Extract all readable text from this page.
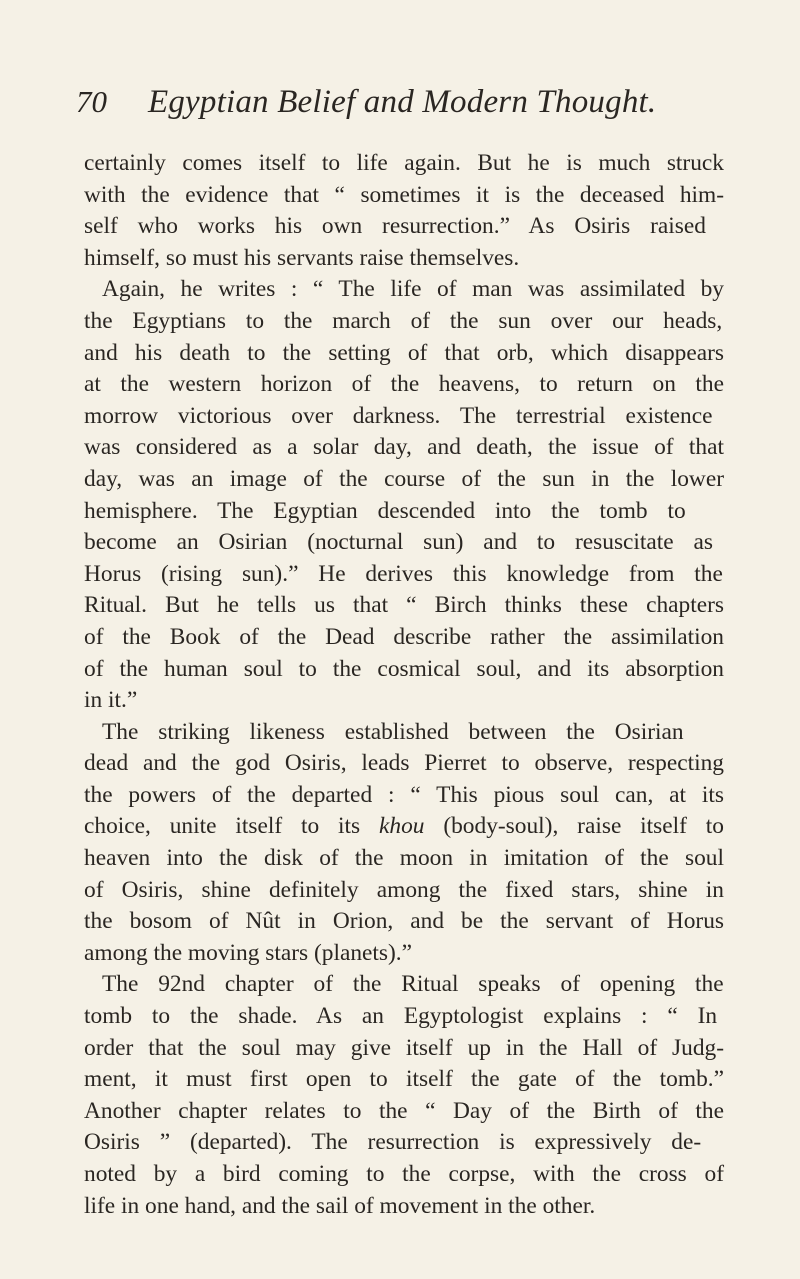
70 Egyptian Belief and Modern Thought.
certainly comes itself to life again. But he is much struck
with the evidence that “ sometimes it is the deceased him-
self who works his own resurrection.” As Osiris raised
himself, so must his servants raise themselves.
Again, he writes : “ The life of man was assimilated by
the Egyptians to the march of the sun over our heads,
and his death to the setting of that orb, which disappears
at the western horizon of the heavens, to return on the
morrow victorious over darkness. The terrestrial existence
was considered as a solar day, and death, the issue of that
day, was an image of the course of the sun in the lower
hemisphere. The Egyptian descended into the tomb to
become an Osirian (nocturnal sun) and to resuscitate as
Horus (rising sun).” He derives this knowledge from the
Ritual. But he tells us that “ Birch thinks these chapters
of the Book of the Dead describe rather the assimilation
of the human soul to the cosmical soul, and its absorption
in it.”
The striking likeness established between the Osirian
dead and the god Osiris, leads Pierret to observe, respecting
the powers of the departed : “ This pious soul can, at its
choice, unite itself to its khou (body-soul), raise itself to
heaven into the disk of the moon in imitation of the soul
of Osiris, shine definitely among the fixed stars, shine in
the bosom of Nût in Orion, and be the servant of Horus
among the moving stars (planets).”
The 92nd chapter of the Ritual speaks of opening the
tomb to the shade. As an Egyptologist explains : “ In
order that the soul may give itself up in the Hall of Judg-
ment, it must first open to itself the gate of the tomb.”
Another chapter relates to the “ Day of the Birth of the
Osiris ” (departed). The resurrection is expressively de-
noted by a bird coming to the corpse, with the cross of
life in one hand, and the sail of movement in the other.
